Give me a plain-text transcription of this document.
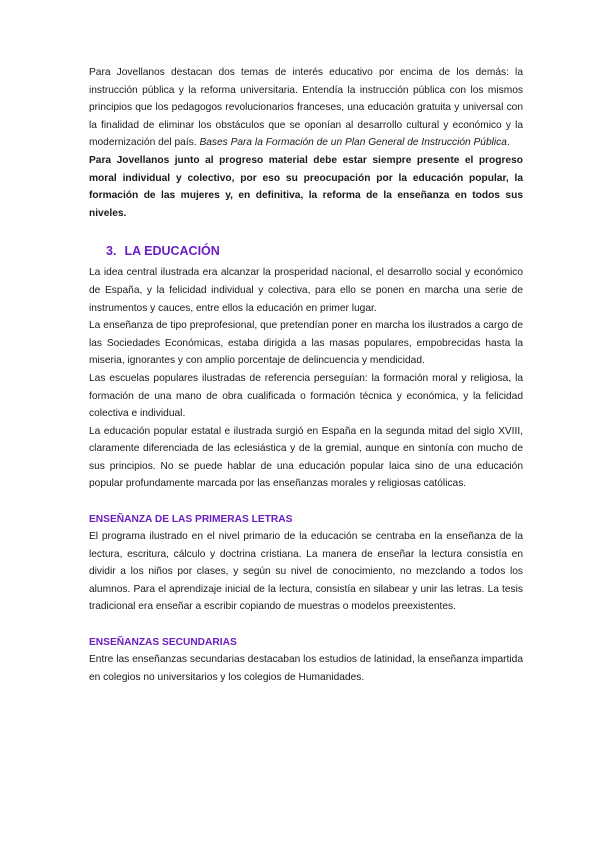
Para Jovellanos destacan dos temas de interés educativo por encima de los demás: la instrucción pública y la reforma universitaria. Entendía la instrucción pública con los mismos principios que los pedagogos revolucionarios franceses, una educación gratuita y universal con la finalidad de eliminar los obstáculos que se oponían al desarrollo cultural y económico y la modernización del país. Bases Para la Formación de un Plan General de Instrucción Pública.

Para Jovellanos junto al progreso material debe estar siempre presente el progreso moral individual y colectivo, por eso su preocupación por la educación popular, la formación de las mujeres y, en definitiva, la reforma de la enseñanza en todos sus niveles.

3. LA EDUCACIÓN

La idea central ilustrada era alcanzar la prosperidad nacional, el desarrollo social y económico de España, y la felicidad individual y colectiva, para ello se ponen en marcha una serie de instrumentos y cauces, entre ellos la educación en primer lugar.

La enseñanza de tipo preprofesional, que pretendían poner en marcha los ilustrados a cargo de las Sociedades Económicas, estaba dirigida a las masas populares, empobrecidas hasta la miseria, ignorantes y con amplio porcentaje de delincuencia y mendicidad.

Las escuelas populares ilustradas de referencia perseguían: la formación moral y religiosa, la formación de una mano de obra cualificada o formación técnica y económica, y la felicidad colectiva e individual.

La educación popular estatal e ilustrada surgió en España en la segunda mitad del siglo XVIII, claramente diferenciada de las eclesiástica y de la gremial, aunque en sintonía con mucho de sus principios. No se puede hablar de una educación popular laica sino de una educación popular profundamente marcada por las enseñanzas morales y religiosas católicas.

ENSEÑANZA DE LAS PRIMERAS LETRAS

El programa ilustrado en el nivel primario de la educación se centraba en la enseñanza de la lectura, escritura, cálculo y doctrina cristiana. La manera de enseñar la lectura consistía en dividir a los niños por clases, y según su nivel de conocimiento, no mezclando a todos los alumnos. Para el aprendizaje inicial de la lectura, consistía en silabear y unir las letras. La tesis tradicional era enseñar a escribir copiando de muestras o modelos preexistentes.

ENSEÑANZAS SECUNDARIAS

Entre las enseñanzas secundarias destacaban los estudios de latinidad, la enseñanza impartida en colegios no universitarios y los colegios de Humanidades.
